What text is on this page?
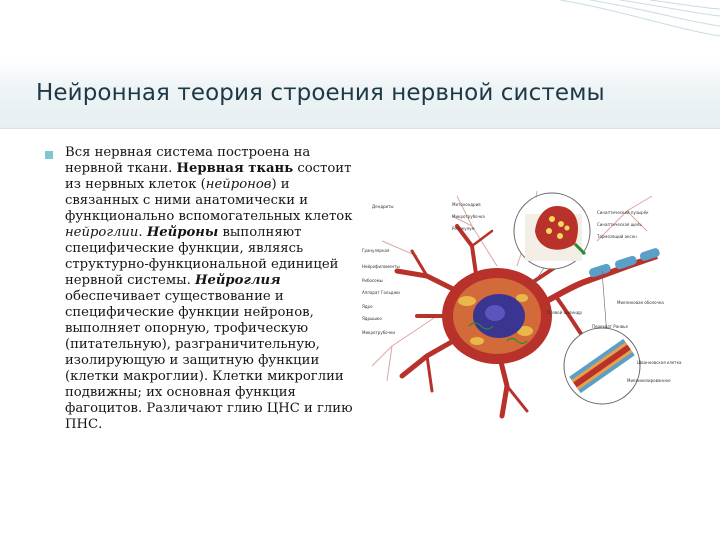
Нейронная теория строения нервной системы

Вся нервная система построена на нервной ткани. Нервная ткань состоит из нервных клеток (нейронов) и связанных с ними анатомически и функционально вспомогательных клеток нейроглии. Нейроны выполняют специфические функции, являясь структурно-функциональной единицей нервной системы. Нейроглия обеспечивает существование и специфические функции нейронов, выполняет опорную, трофическую (питательную), разграничительную, изолирующую и защитную функции (клетки макроглии). Клетки микроглии подвижны; их основная функция фагоцитов. Различают глию ЦНС и глию ПНС.

Дендриты
Гранулярная
Нейрофиламенты
Рибосомы
Аппарат Гольджи
Ядро
Ядрышко
Микротрубочки
Митохондрия
Микротрубочка
Ретикулум
Синаптический пузырёк
Синаптическая щель
Тормозящий аксон
Миелиновая оболочка
Перехват Ранвье
Шванновская клетка
Осевой цилиндр
Миелинизированное
